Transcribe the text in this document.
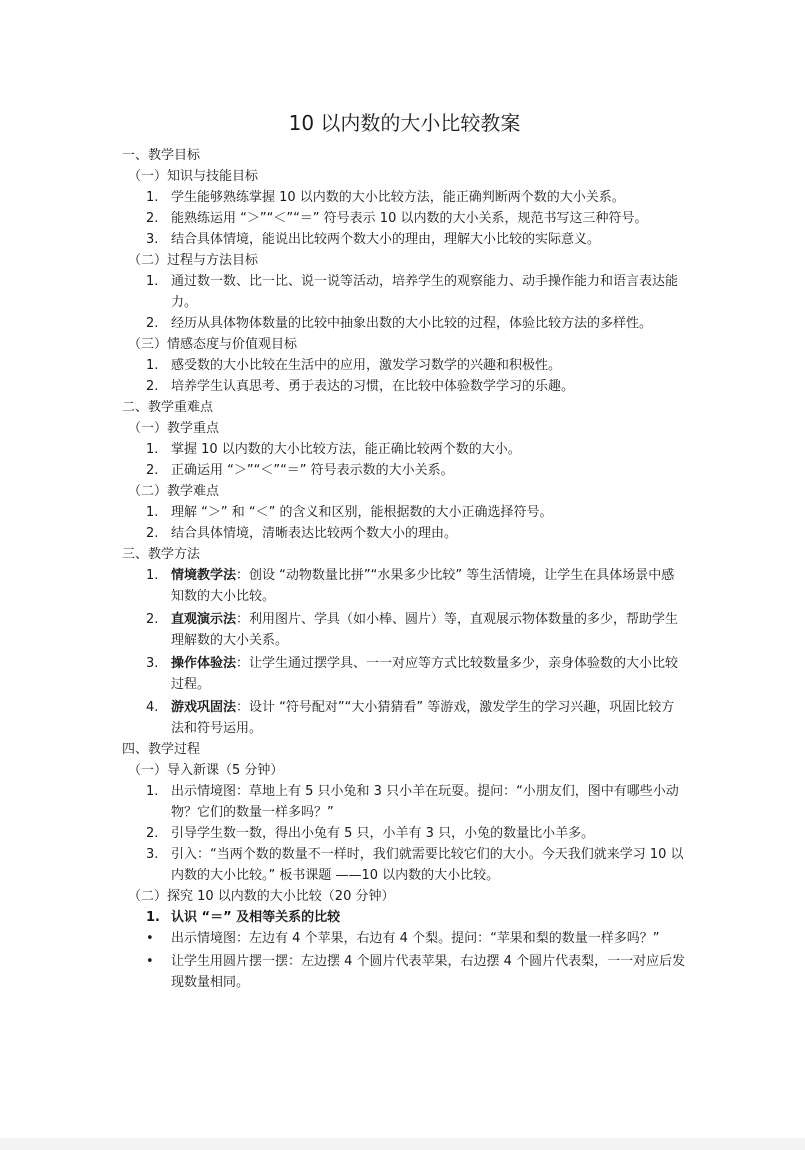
10 以内数的大小比较教案
一、教学目标
（一）知识与技能目标
1. 学生能够熟练掌握 10 以内数的大小比较方法，能正确判断两个数的大小关系。
2. 能熟练运用 “＞”“＜”“＝” 符号表示 10 以内数的大小关系，规范书写这三种符号。
3. 结合具体情境，能说出比较两个数大小的理由，理解大小比较的实际意义。
（二）过程与方法目标
1. 通过数一数、比一比、说一说等活动，培养学生的观察能力、动手操作能力和语言表达能力。
2. 经历从具体物体数量的比较中抽象出数的大小比较的过程，体验比较方法的多样性。
（三）情感态度与价值观目标
1. 感受数的大小比较在生活中的应用，激发学习数学的兴趣和积极性。
2. 培养学生认真思考、勇于表达的习惯，在比较中体验数学学习的乐趣。
二、教学重难点
（一）教学重点
1. 掌握 10 以内数的大小比较方法，能正确比较两个数的大小。
2. 正确运用 “＞”“＜”“＝” 符号表示数的大小关系。
（二）教学难点
1. 理解 “＞” 和 “＜” 的含义和区别，能根据数的大小正确选择符号。
2. 结合具体情境，清晰表达比较两个数大小的理由。
三、教学方法
1. 情境教学法：创设 “动物数量比拼”“水果多少比较” 等生活情境，让学生在具体场景中感知数的大小比较。
2. 直观演示法：利用图片、学具（如小棒、圆片）等，直观展示物体数量的多少，帮助学生理解数的大小关系。
3. 操作体验法：让学生通过摆学具、一一对应等方式比较数量多少，亲身体验数的大小比较过程。
4. 游戏巩固法：设计 “符号配对”“大小猜猜看” 等游戏，激发学生的学习兴趣，巩固比较方法和符号运用。
四、教学过程
（一）导入新课（5 分钟）
1. 出示情境图：草地上有 5 只小兔和 3 只小羊在玩耍。提问：“小朋友们，图中有哪些小动物？它们的数量一样多吗？”
2. 引导学生数一数，得出小兔有 5 只，小羊有 3 只，小兔的数量比小羊多。
3. 引入：“当两个数的数量不一样时，我们就需要比较它们的大小。今天我们就来学习 10 以内数的大小比较。” 板书课题 ——10 以内数的大小比较。
（二）探究 10 以内数的大小比较（20 分钟）
1. 认识 “＝” 及相等关系的比较
• 出示情境图：左边有 4 个苹果，右边有 4 个梨。提问：“苹果和梨的数量一样多吗？”
• 让学生用圆片摆一摆：左边摆 4 个圆片代表苹果，右边摆 4 个圆片代表梨，一一对应后发现数量相同。
